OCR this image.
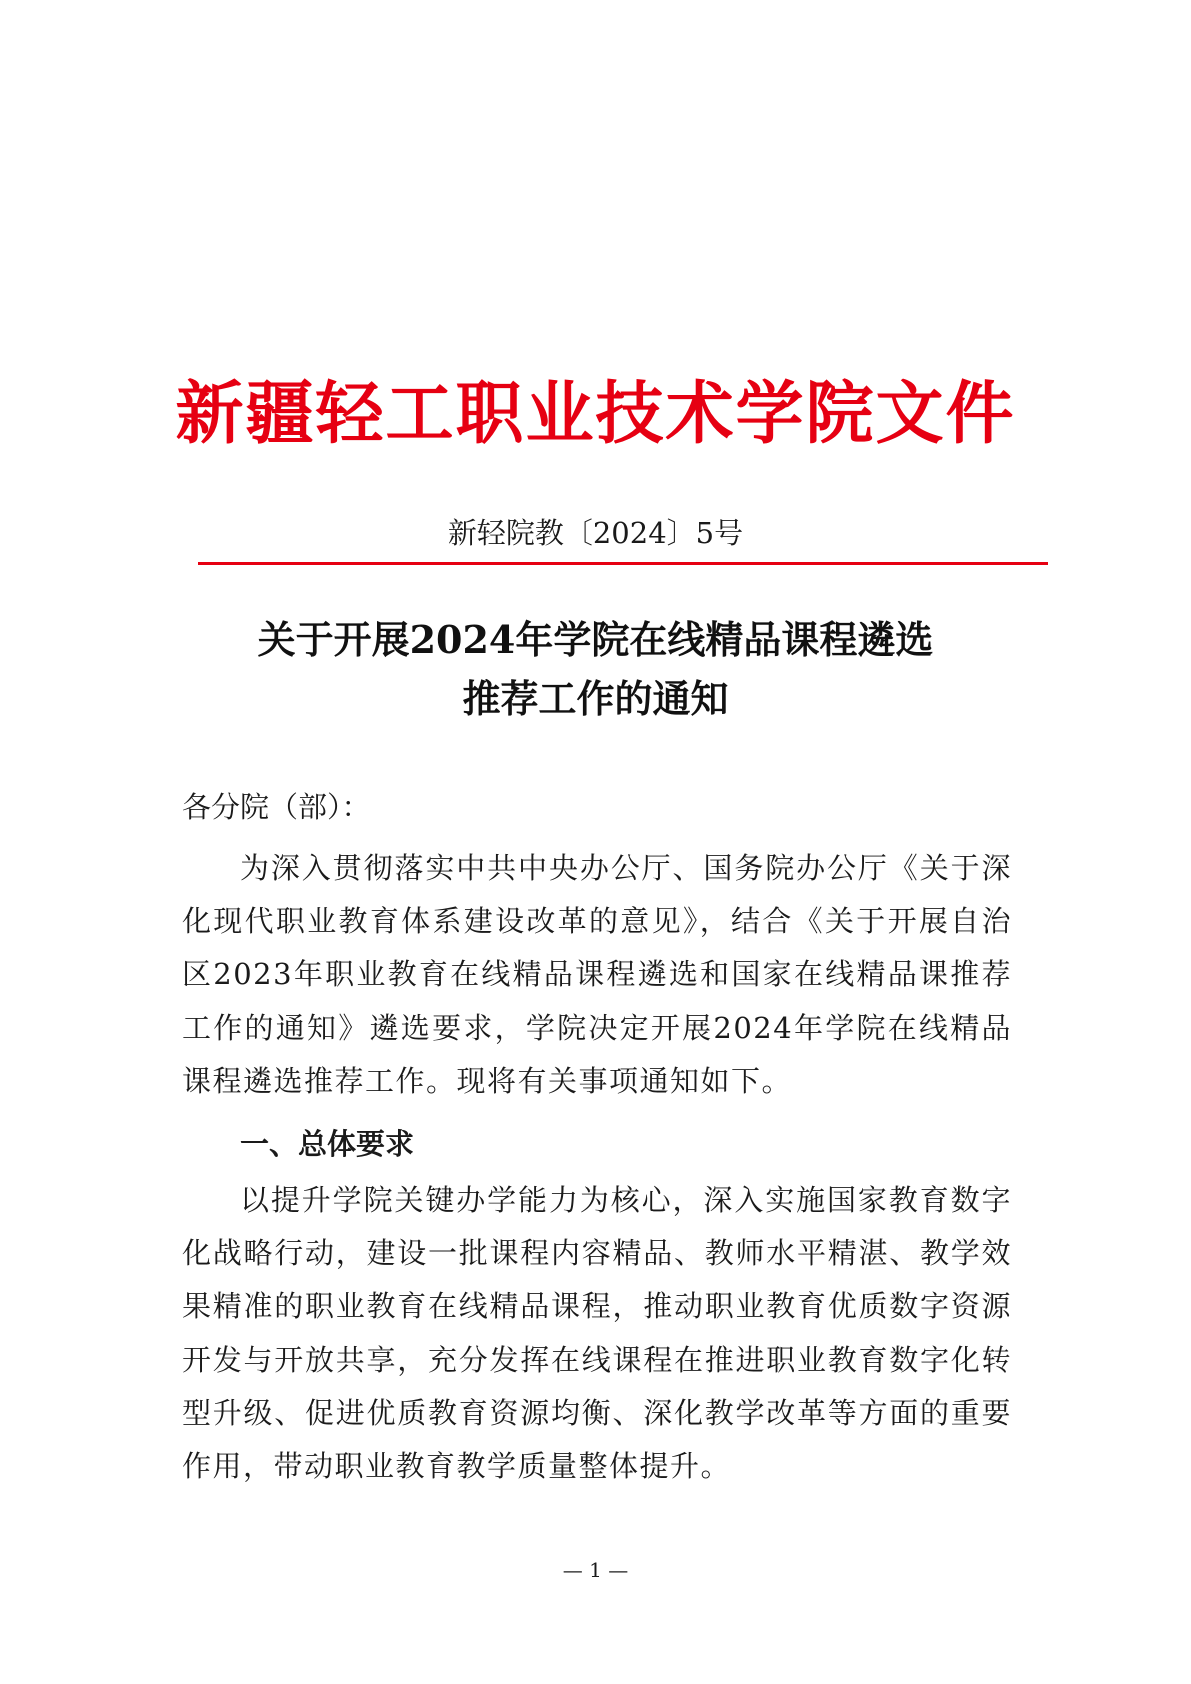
新疆轻工职业技术学院文件
新轻院教〔2024〕5号
关于开展2024年学院在线精品课程遴选
推荐工作的通知
各分院（部）：
为深入贯彻落实中共中央办公厅、国务院办公厅《关于深化现代职业教育体系建设改革的意见》，结合《关于开展自治区2023年职业教育在线精品课程遴选和国家在线精品课推荐工作的通知》遴选要求，学院决定开展2024年学院在线精品课程遴选推荐工作。现将有关事项通知如下。
一、总体要求
以提升学院关键办学能力为核心，深入实施国家教育数字化战略行动，建设一批课程内容精品、教师水平精湛、教学效果精准的职业教育在线精品课程，推动职业教育优质数字资源开发与开放共享，充分发挥在线课程在推进职业教育数字化转型升级、促进优质教育资源均衡、深化教学改革等方面的重要作用，带动职业教育教学质量整体提升。
— 1 —
